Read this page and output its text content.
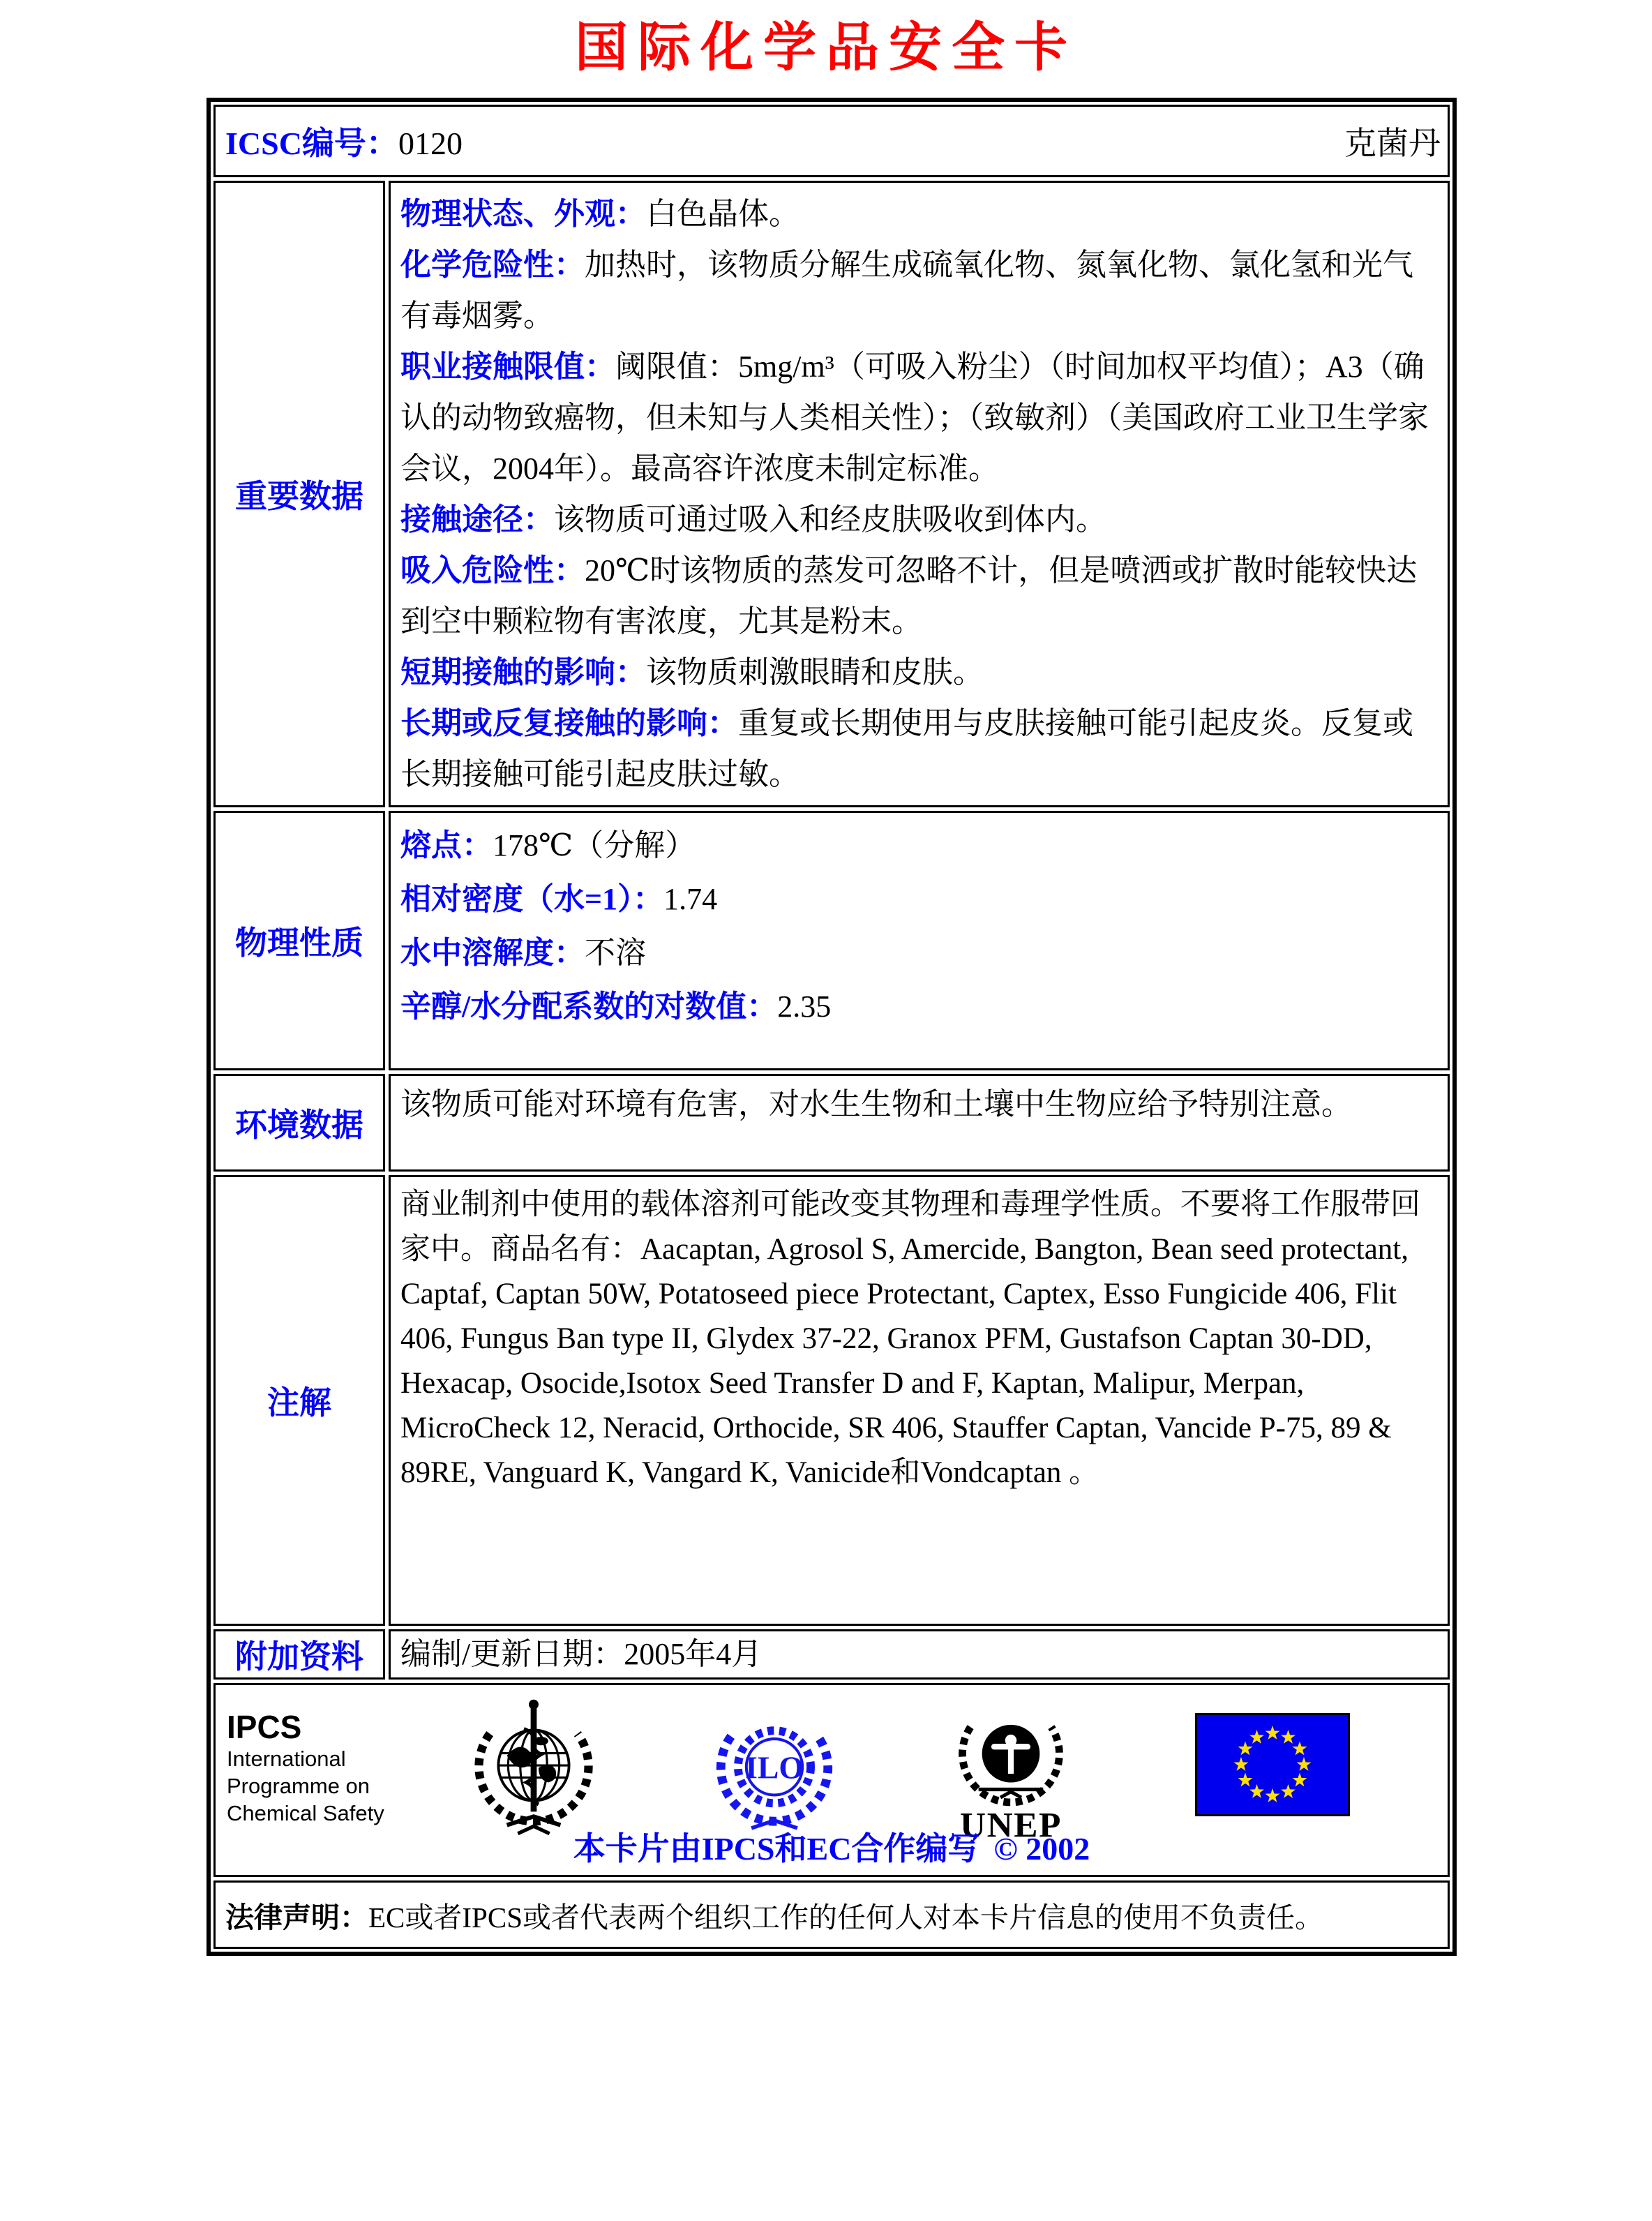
国际化学品安全卡
ICSC编号：0120	克菌丹
重要数据

物理状态、外观：白色晶体。

化学危险性：加热时，该物质分解生成硫氧化物、氮氧化物、氯化氢和光气有毒烟雾。

职业接触限值：阈限值：5mg/m³（可吸入粉尘）（时间加权平均值）；A3（确认的动物致癌物，但未知与人类相关性）；（致敏剂）（美国政府工业卫生学家会议，2004年）。最高容许浓度未制定标准。

接触途径：该物质可通过吸入和经皮肤吸收到体内。

吸入危险性：20℃时该物质的蒸发可忽略不计，但是喷洒或扩散时能较快达到空中颗粒物有害浓度，尤其是粉末。

短期接触的影响：该物质刺激眼睛和皮肤。

长期或反复接触的影响：重复或长期使用与皮肤接触可能引起皮炎。反复或长期接触可能引起皮肤过敏。

物理性质

熔点：178℃（分解）

相对密度（水=1）：1.74

水中溶解度：不溶

辛醇/水分配系数的对数值：2.35

环境数据

该物质可能对环境有危害，对水生生物和土壤中生物应给予特别注意。

注解

商业制剂中使用的载体溶剂可能改变其物理和毒理学性质。不要将工作服带回家中。商品名有：Aacaptan, Agrosol S, Amercide, Bangton, Bean seed protectant, Captaf, Captan 50W, Potatoseed piece Protectant, Captex, Esso Fungicide 406, Flit 406, Fungus Ban type II, Glydex 37-22, Granox PFM, Gustafson Captan 30-DD, Hexacap, Osocide,Isotox Seed Transfer D and F, Kaptan, Malipur, Merpan, MicroCheck 12, Neracid, Orthocide, SR 406, Stauffer Captan, Vancide P-75, 89 & 89RE, Vanguard K, Vangard K, Vanicide和Vondcaptan 。

附加资料	编制/更新日期：2005年4月

IPCS
International
Programme on
Chemical Safety
ILO
UNEP
本卡片由IPCS和EC合作编写 © 2002
法律声明： EC或者IPCS或者代表两个组织工作的任何人对本卡片信息的使用不负责任。
